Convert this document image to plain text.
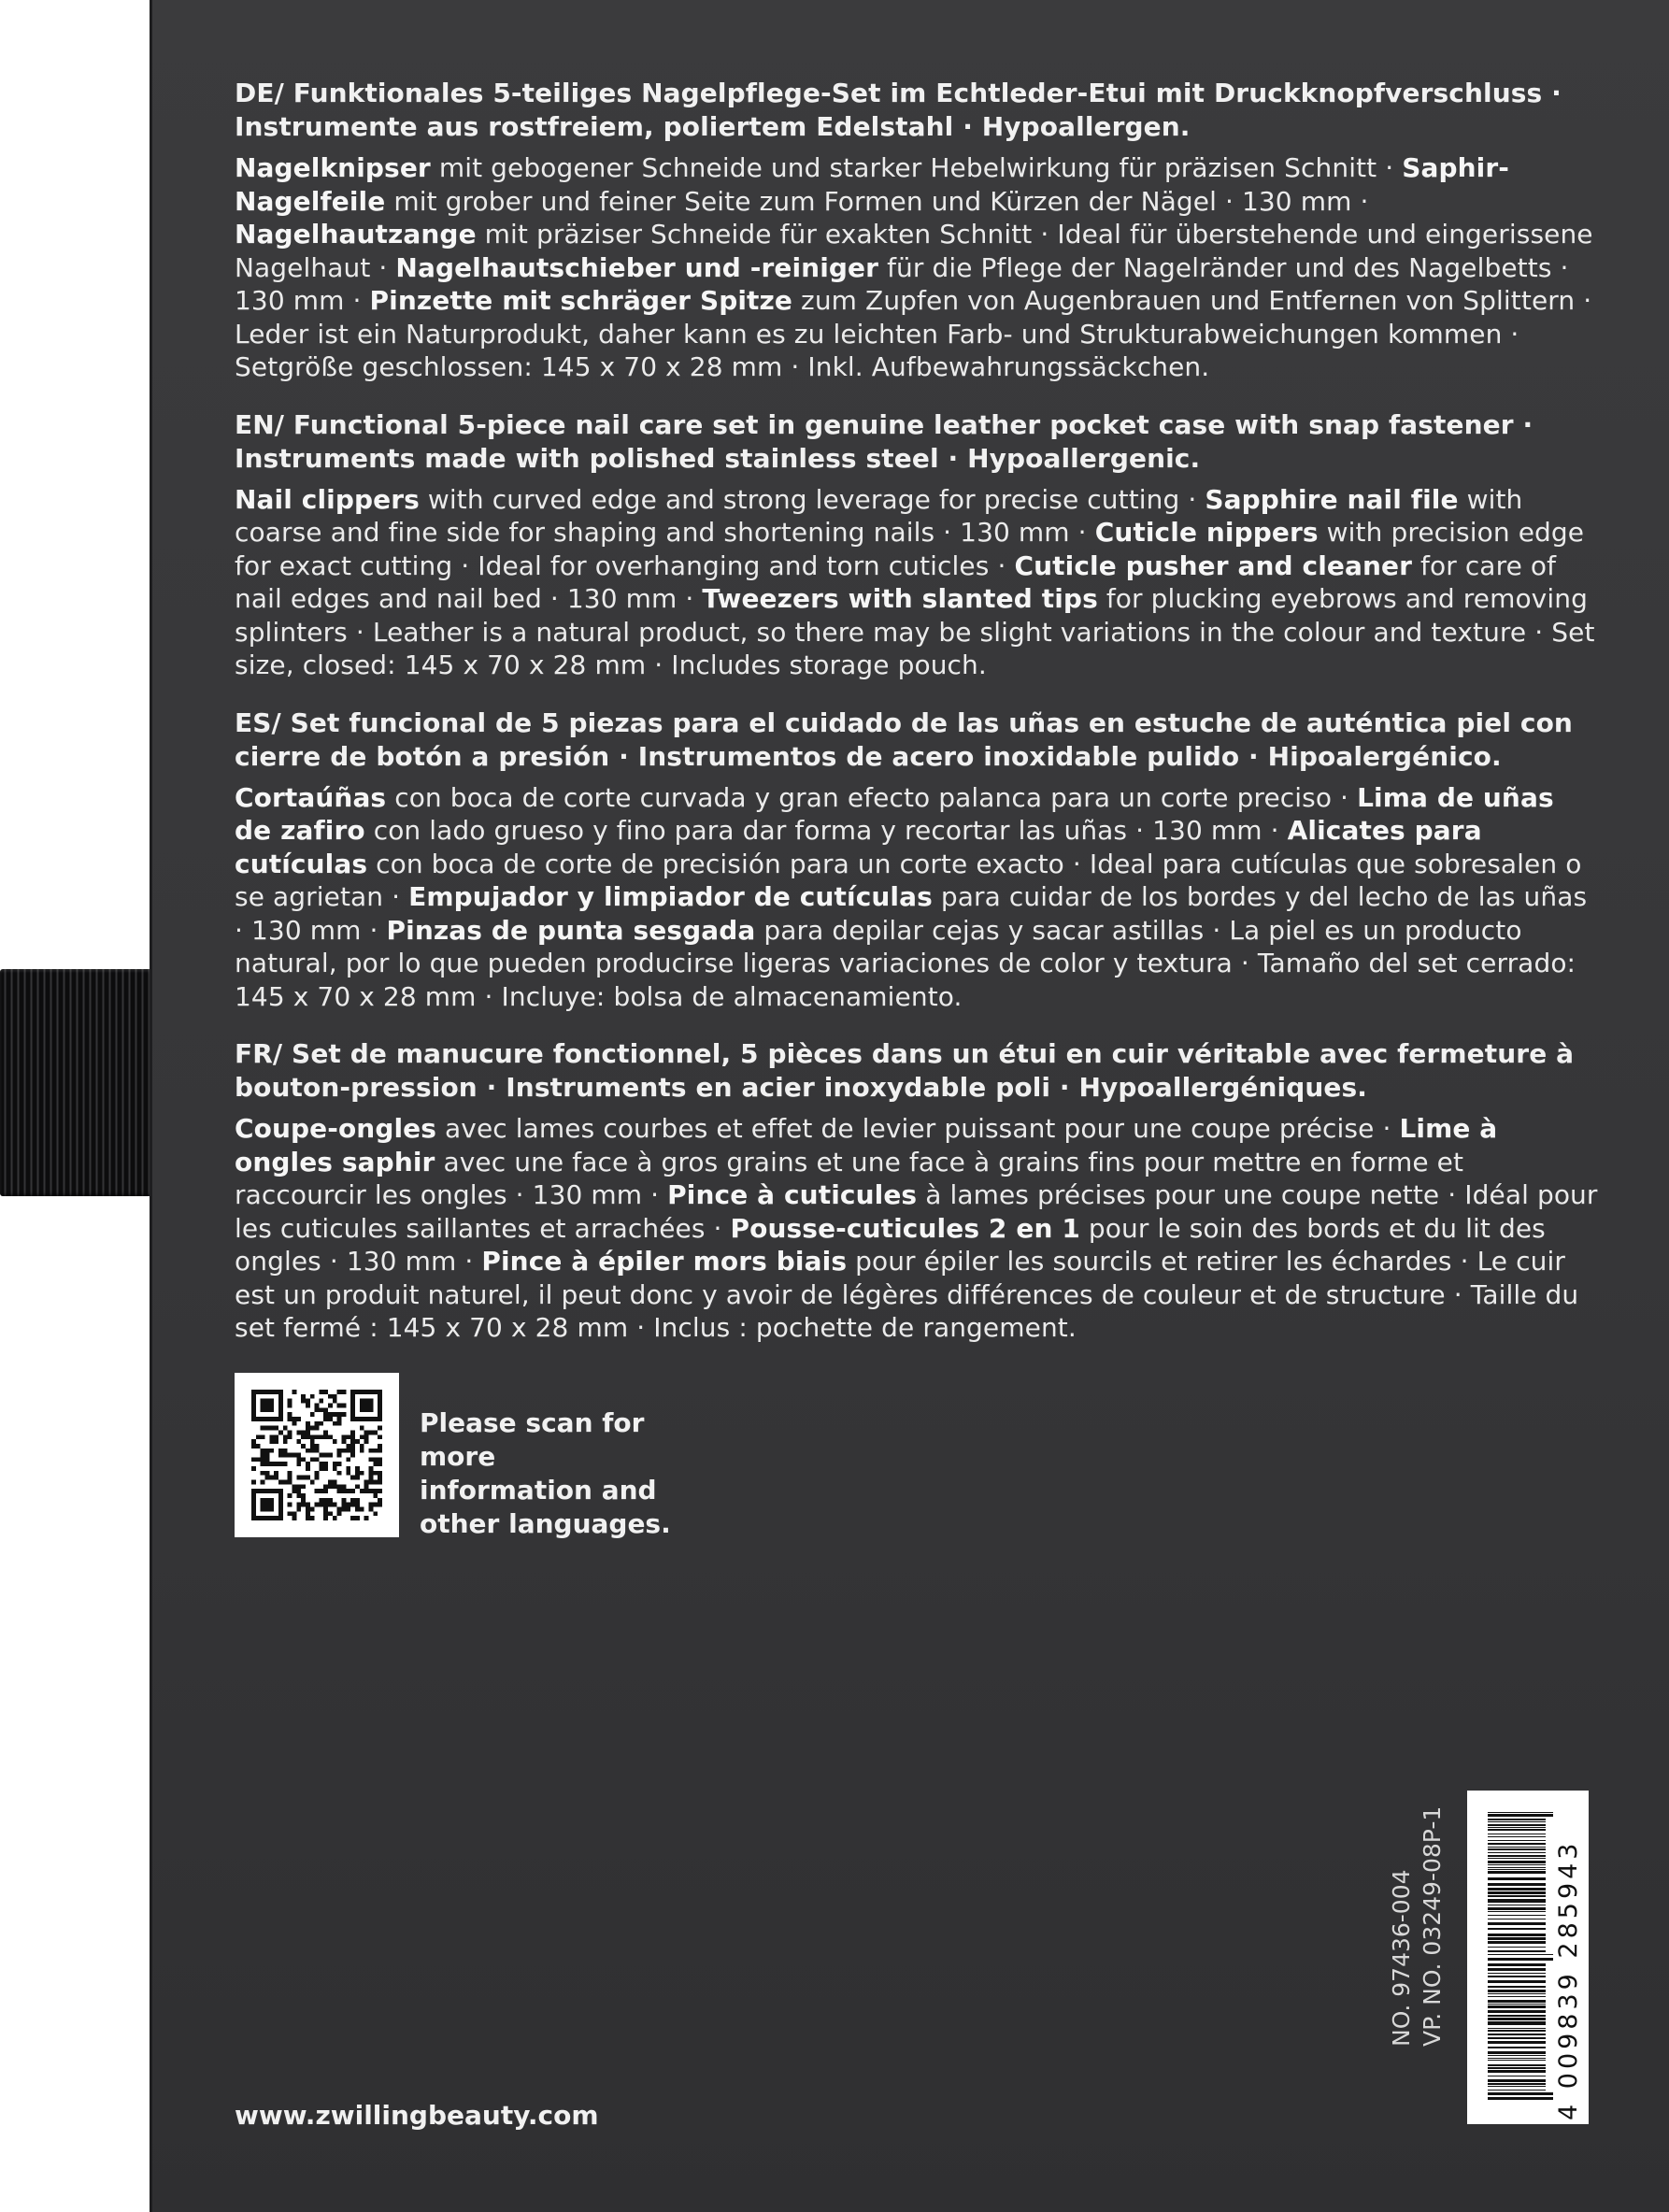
DE/ Funktionales 5-teiliges Nagelpflege-Set im Echtleder-Etui mit Druckknopfverschluss · Instrumente aus rostfreiem, poliertem Edelstahl · Hypoallergen.

Nagelknipser mit gebogener Schneide und starker Hebelwirkung für präzisen Schnitt · Saphir-Nagelfeile mit grober und feiner Seite zum Formen und Kürzen der Nägel · 130 mm · Nagelhautzange mit präziser Schneide für exakten Schnitt · Ideal für überstehende und eingerissene Nagelhaut · Nagelhautschieber und -reiniger für die Pflege der Nagelränder und des Nagelbetts · 130 mm · Pinzette mit schräger Spitze zum Zupfen von Augenbrauen und Entfernen von Splittern · Leder ist ein Naturprodukt, daher kann es zu leichten Farb- und Strukturabweichungen kommen · Setgröße geschlossen: 145 x 70 x 28 mm · Inkl. Aufbewahrungssäckchen.

EN/ Functional 5-piece nail care set in genuine leather pocket case with snap fastener · Instruments made with polished stainless steel · Hypoallergenic.

Nail clippers with curved edge and strong leverage for precise cutting · Sapphire nail file with coarse and fine side for shaping and shortening nails · 130 mm · Cuticle nippers with precision edge for exact cutting · Ideal for overhanging and torn cuticles · Cuticle pusher and cleaner for care of nail edges and nail bed · 130 mm · Tweezers with slanted tips for plucking eyebrows and removing splinters · Leather is a natural product, so there may be slight variations in the colour and texture · Set size, closed: 145 x 70 x 28 mm · Includes storage pouch.

ES/ Set funcional de 5 piezas para el cuidado de las uñas en estuche de auténtica piel con cierre de botón a presión · Instrumentos de acero inoxidable pulido · Hipoalergénico.

Cortaúñas con boca de corte curvada y gran efecto palanca para un corte preciso · Lima de uñas de zafiro con lado grueso y fino para dar forma y recortar las uñas · 130 mm · Alicates para cutículas con boca de corte de precisión para un corte exacto · Ideal para cutículas que sobresalen o se agrietan · Empujador y limpiador de cutículas para cuidar de los bordes y del lecho de las uñas · 130 mm · Pinzas de punta sesgada para depilar cejas y sacar astillas · La piel es un producto natural, por lo que pueden producirse ligeras variaciones de color y textura · Tamaño del set cerrado: 145 x 70 x 28 mm · Incluye: bolsa de almacenamiento.

FR/ Set de manucure fonctionnel, 5 pièces dans un étui en cuir véritable avec fermeture à bouton-pression · Instruments en acier inoxydable poli · Hypoallergéniques.

Coupe-ongles avec lames courbes et effet de levier puissant pour une coupe précise · Lime à ongles saphir avec une face à gros grains et une face à grains fins pour mettre en forme et raccourcir les ongles · 130 mm · Pince à cuticules à lames précises pour une coupe nette · Idéal pour les cuticules saillantes et arrachées · Pousse-cuticules 2 en 1 pour le soin des bords et du lit des ongles · 130 mm · Pince à épiler mors biais pour épiler les sourcils et retirer les échardes · Le cuir est un produit naturel, il peut donc y avoir de légères différences de couleur et de structure · Taille du set fermé : 145 x 70 x 28 mm · Inclus : pochette de rangement.

Please scan for more information and other languages.
www.zwillingbeauty.com
NO. 97436-004 VP. NO. 03249-08P-1	4 009839 285943
